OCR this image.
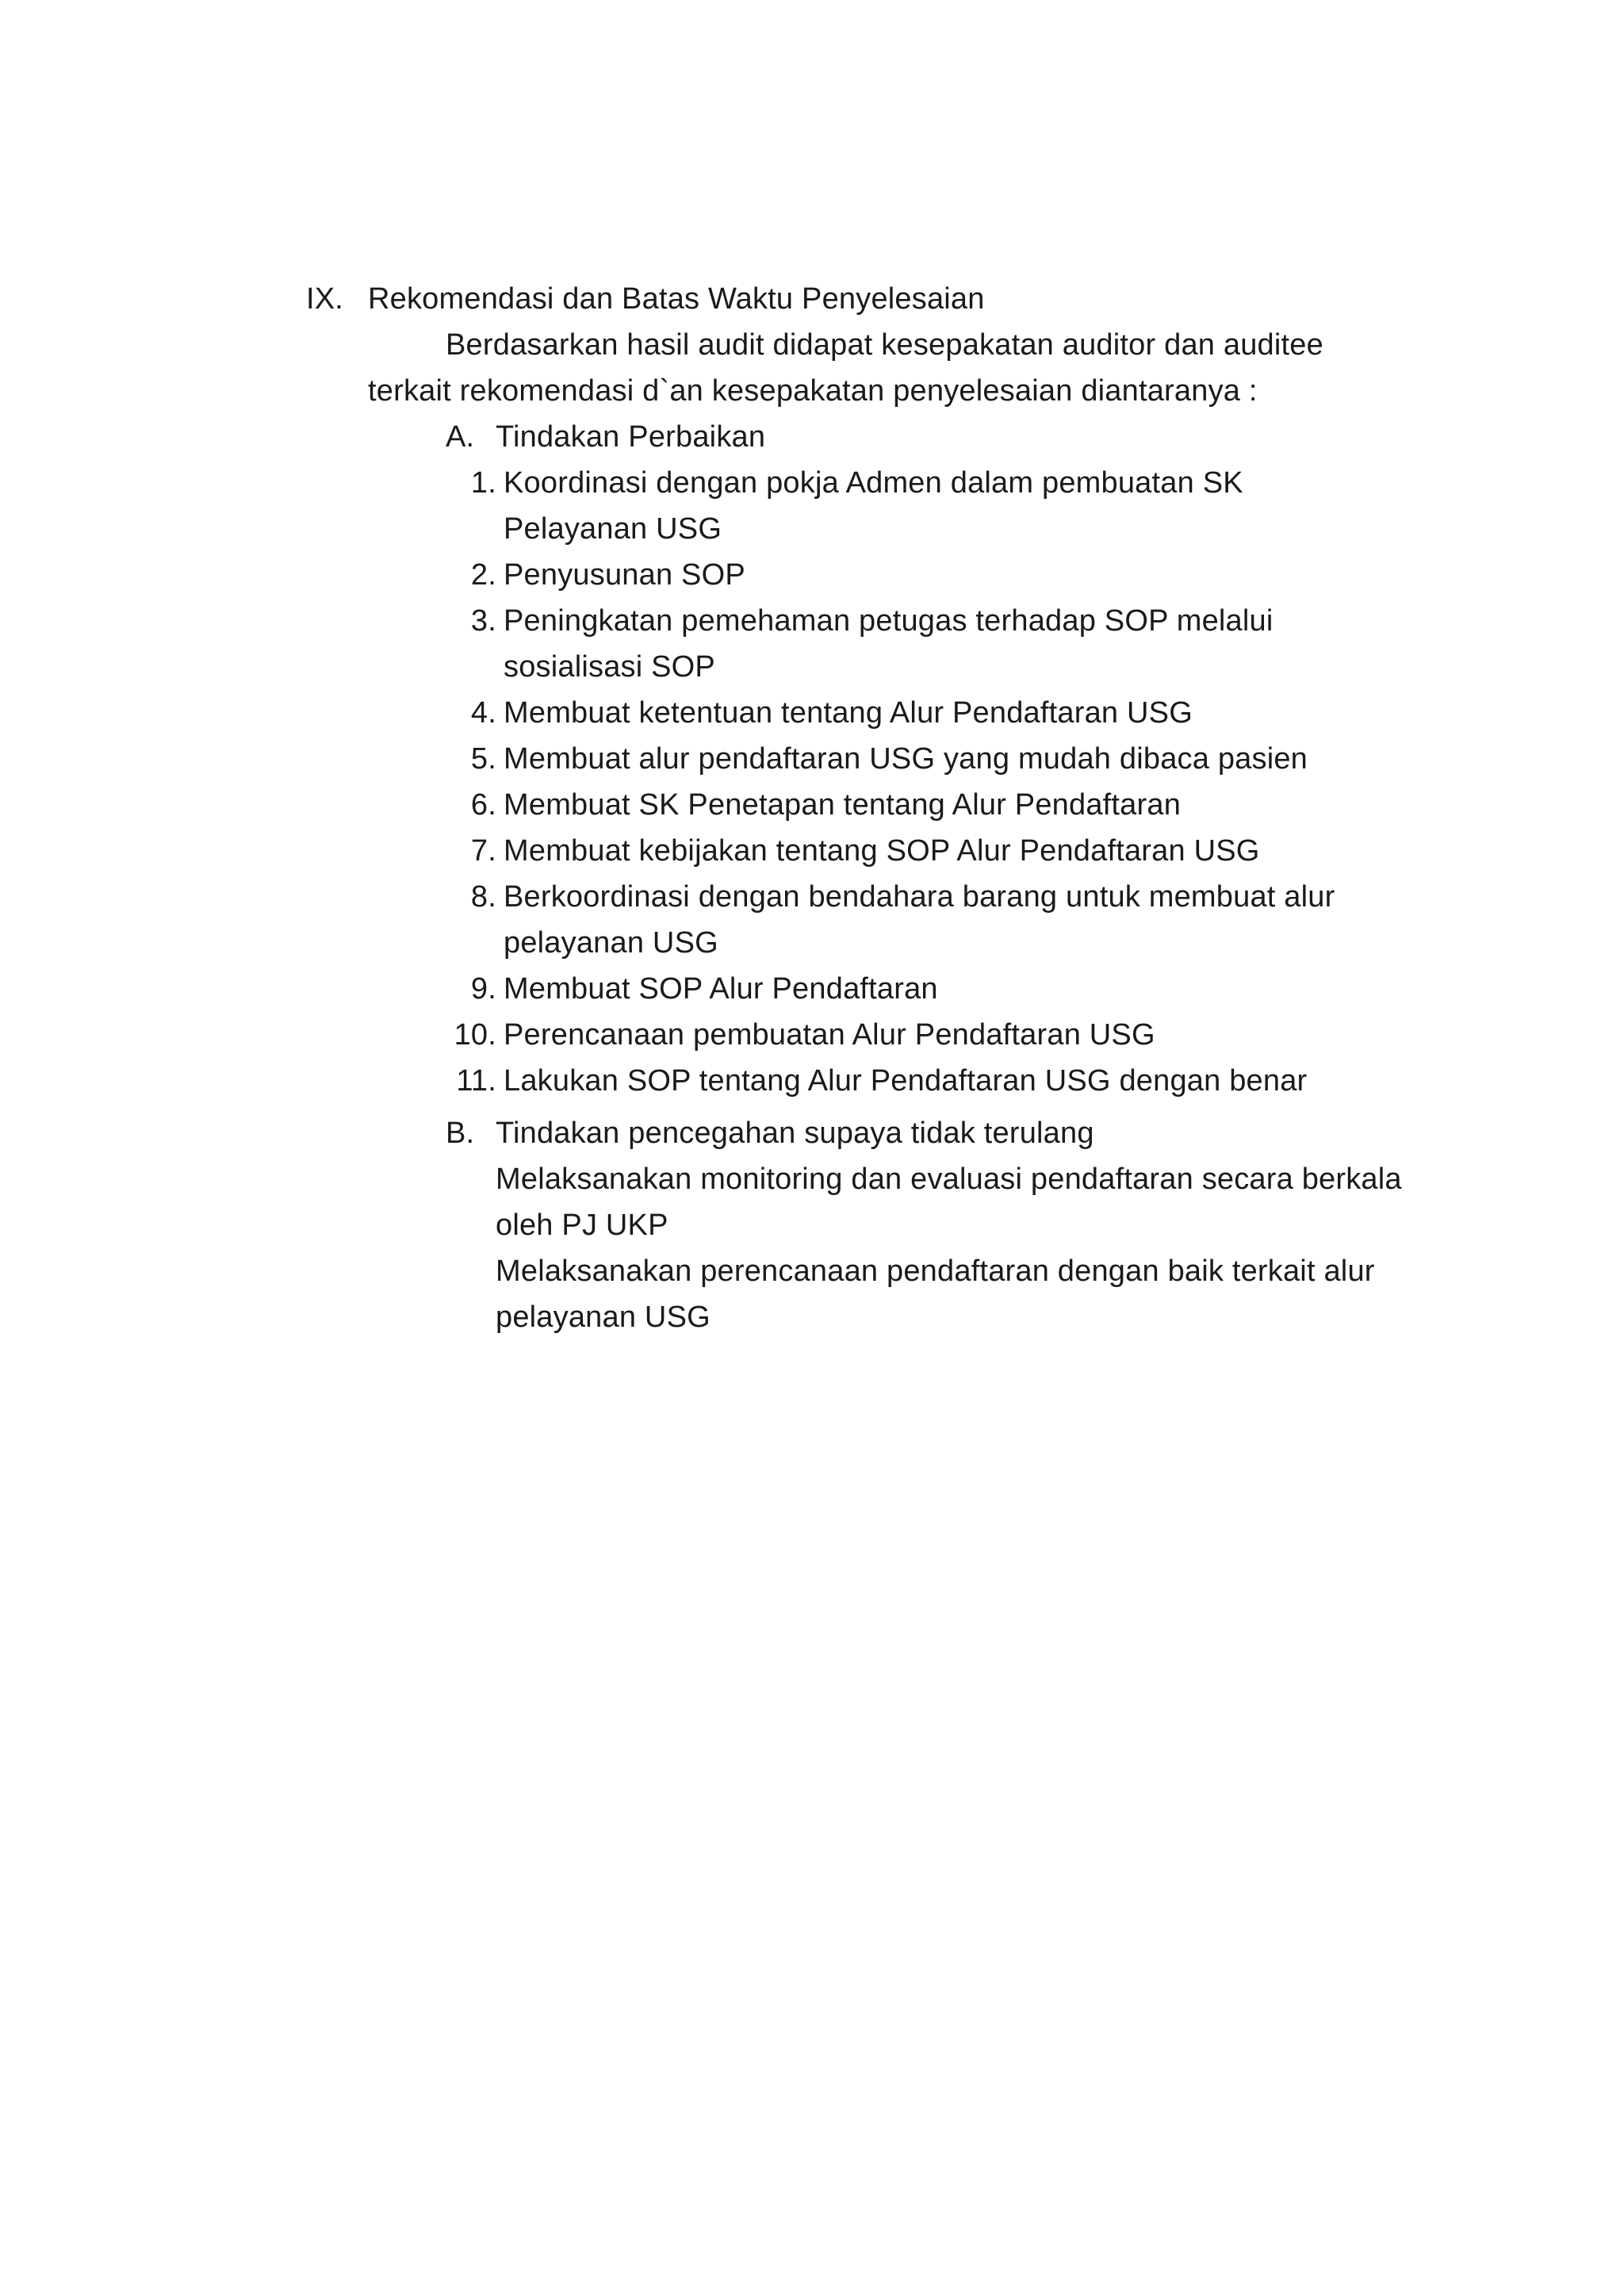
IX. Rekomendasi dan Batas Waktu Penyelesaian
Berdasarkan hasil audit didapat kesepakatan auditor dan auditee
terkait rekomendasi d`an kesepakatan penyelesaian diantaranya :
A. Tindakan Perbaikan
1. Koordinasi dengan pokja Admen dalam pembuatan SK
Pelayanan USG
2. Penyusunan SOP
3. Peningkatan pemehaman petugas terhadap SOP melalui
sosialisasi SOP
4. Membuat ketentuan tentang Alur Pendaftaran USG
5. Membuat alur pendaftaran USG yang mudah dibaca pasien
6. Membuat SK Penetapan tentang Alur Pendaftaran
7. Membuat kebijakan tentang SOP Alur Pendaftaran USG
8. Berkoordinasi dengan bendahara barang untuk membuat alur
pelayanan USG
9. Membuat SOP Alur Pendaftaran
10. Perencanaan pembuatan Alur Pendaftaran USG
11. Lakukan SOP tentang Alur Pendaftaran USG dengan benar
B. Tindakan pencegahan supaya tidak terulang
Melaksanakan monitoring dan evaluasi pendaftaran secara berkala
oleh PJ UKP
Melaksanakan perencanaan pendaftaran dengan baik terkait alur
pelayanan USG
